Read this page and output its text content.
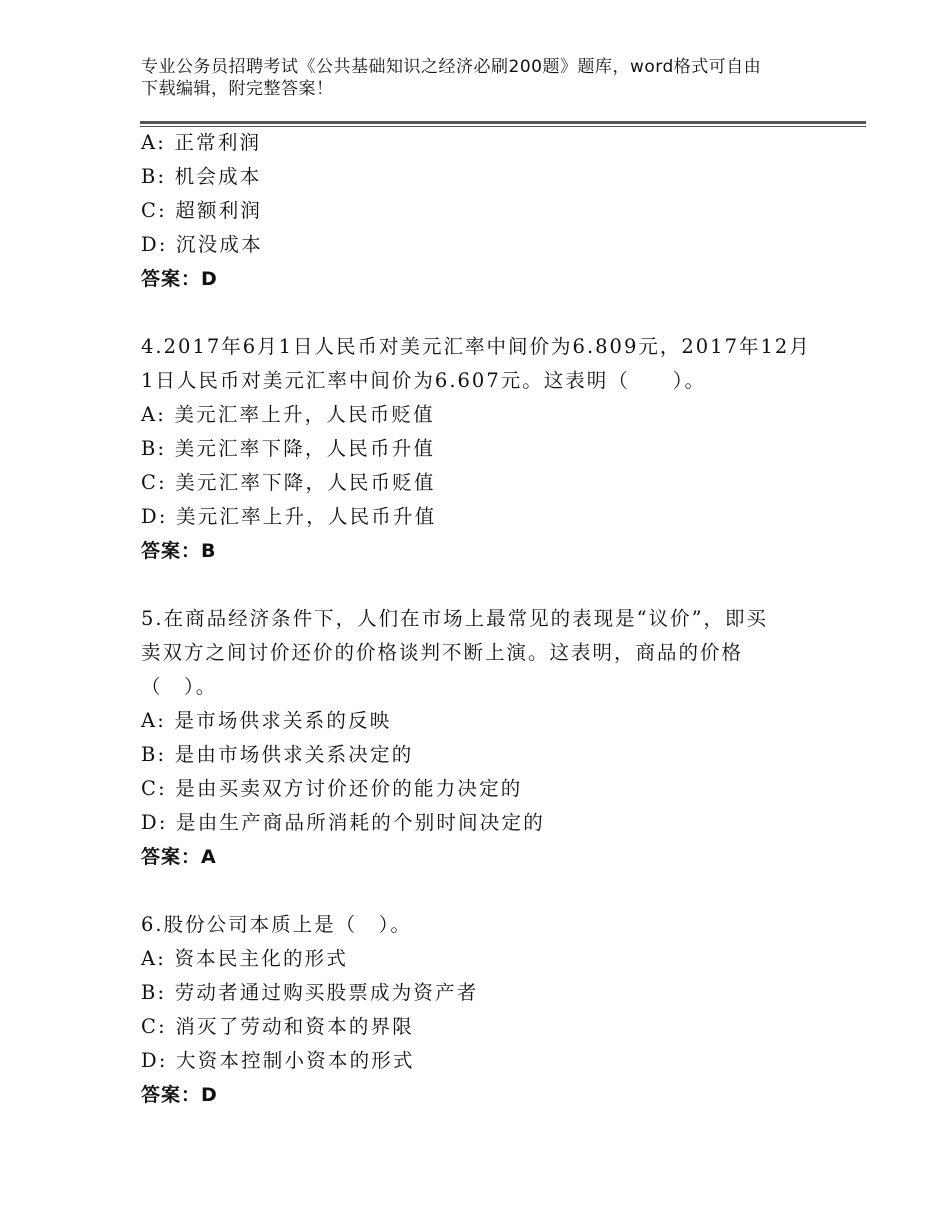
专业公务员招聘考试《公共基础知识之经济必刷200题》题库，word格式可自由
下载编辑，附完整答案！
A: 正常利润
B: 机会成本
C: 超额利润
D: 沉没成本
答案：D
4.2017年6月1日人民币对美元汇率中间价为6.809元，2017年12月
1日人民币对美元汇率中间价为6.607元。这表明（　　）。
A: 美元汇率上升，人民币贬值
B: 美元汇率下降，人民币升值
C: 美元汇率下降，人民币贬值
D: 美元汇率上升，人民币升值
答案：B
5.在商品经济条件下，人们在市场上最常见的表现是“议价”，即买
卖双方之间讨价还价的价格谈判不断上演。这表明，商品的价格
（　）。
A: 是市场供求关系的反映
B: 是由市场供求关系决定的
C: 是由买卖双方讨价还价的能力决定的
D: 是由生产商品所消耗的个别时间决定的
答案：A
6.股份公司本质上是（　）。
A: 资本民主化的形式
B: 劳动者通过购买股票成为资产者
C: 消灭了劳动和资本的界限
D: 大资本控制小资本的形式
答案：D
